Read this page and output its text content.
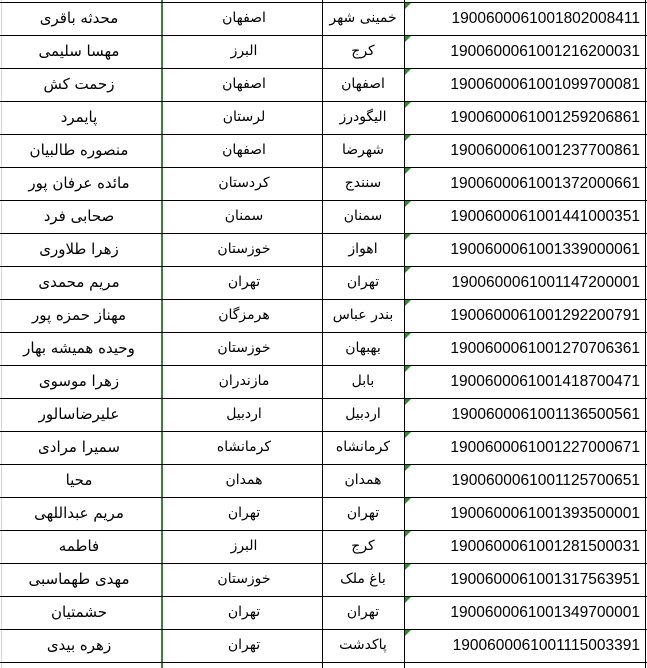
محدثه باقری	اصفهان	خمینی شهر	1900600061001802008411
مهسا سلیمی	البرز	کرج	1900600061001216200031
زحمت کش	اصفهان	اصفهان	1900600061001099700081
پایمرد	لرستان	الیگودرز	1900600061001259206861
منصوره طالبیان	اصفهان	شهرضا	1900600061001237700861
مائده عرفان پور	کردستان	سنندج	1900600061001372000661
صحابی فرد	سمنان	سمنان	1900600061001441000351
زهرا طلاوری	خوزستان	اهواز	1900600061001339000061
مریم محمدی	تهران	تهران	1900600061001147200001
مهناز حمزه پور	هرمزگان	بندر عباس	1900600061001292200791
وحیده همیشه بهار	خوزستان	بهبهان	1900600061001270706361
زهرا موسوی	مازندران	بابل	1900600061001418700471
علیرضاسالور	اردبیل	اردبیل	1900600061001136500561
سمیرا مرادی	کرمانشاه	کرمانشاه	1900600061001227000671
محیا	همدان	همدان	1900600061001125700651
مریم عبداللهی	تهران	تهران	1900600061001393500001
فاطمه	البرز	کرج	1900600061001281500031
مهدی طهماسبی	خوزستان	باغ ملک	1900600061001317563951
حشمتیان	تهران	تهران	1900600061001349700001
زهره بیدی	تهران	پاکدشت	1900600061001115003391
